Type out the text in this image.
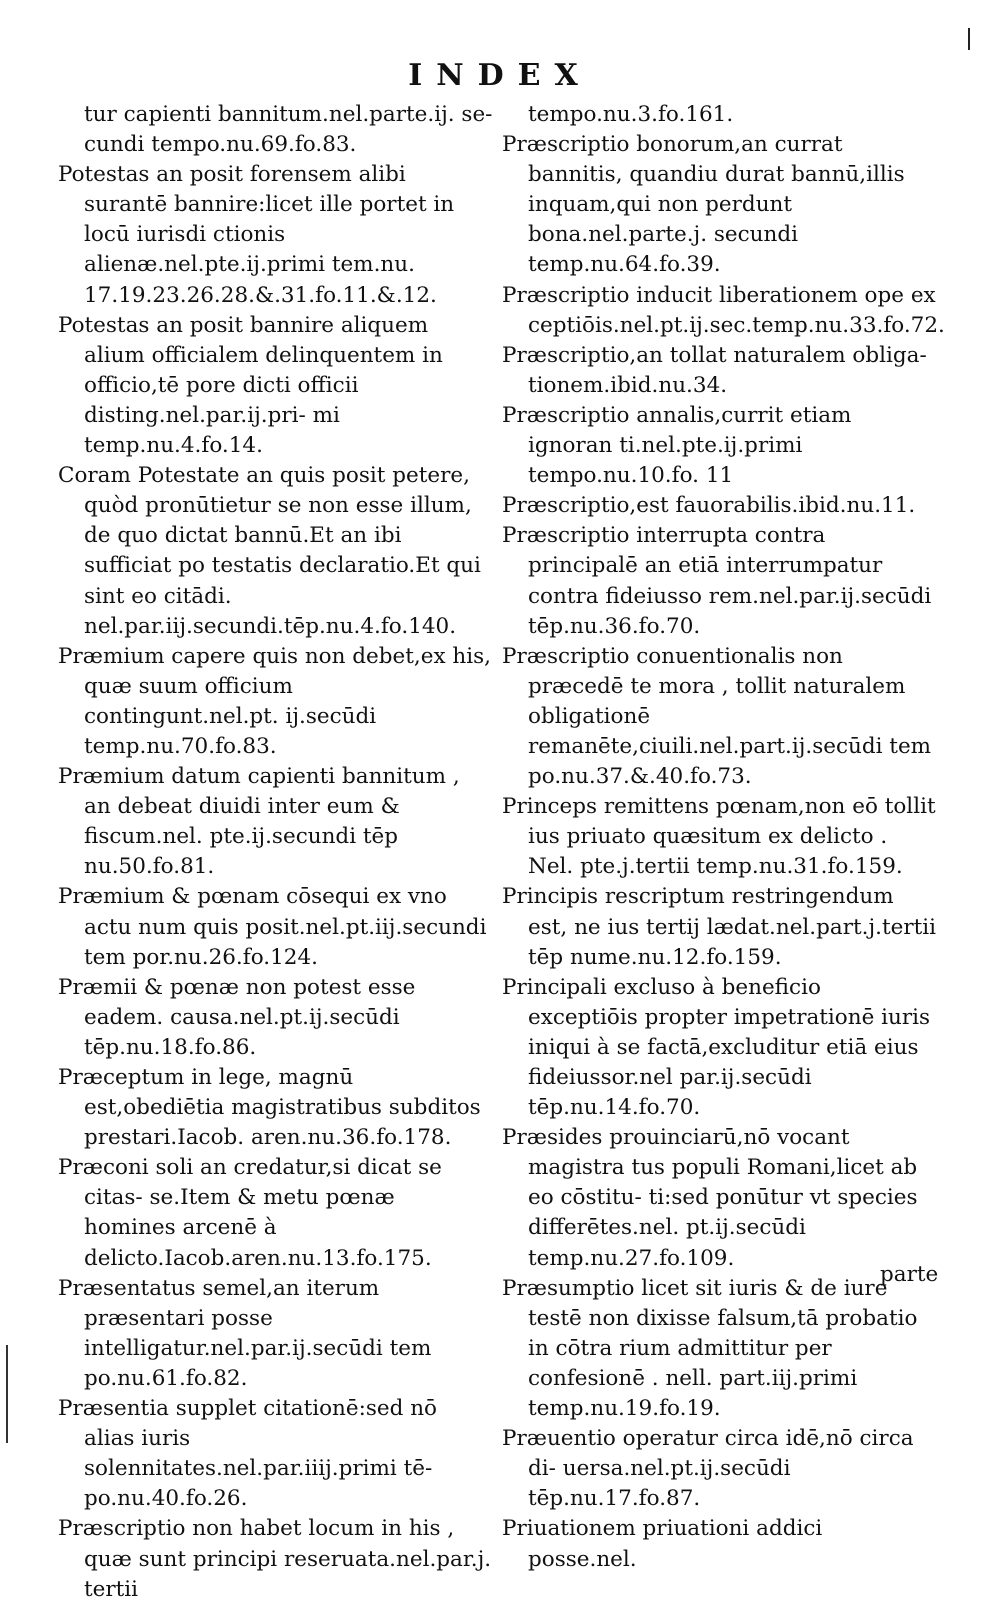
INDEX
tur capienti bannitum.nel.parte.ij. se- cundi tempo.nu.69.fo.83.
Potestas an posit forensem alibi surantē bannire:licet ille portet in locū iurisdi ctionis alienæ.nel.pte.ij.primi tem.nu. 17.19.23.26.28.&.31.fo.11.&.12.
Potestas an posit bannire aliquem alium officialem delinquentem in officio,tē pore dicti officii disting.nel.par.ij.pri- mi temp.nu.4.fo.14.
Coram Potestate an quis posit petere, quòd pronūtietur se non esse illum, de quo dictat bannū.Et an ibi sufficiat po testatis declaratio.Et qui sint eo citādi. nel.par.iij.secundi.tēp.nu.4.fo.140.
Præmium capere quis non debet,ex his, quæ suum officium contingunt.nel.pt. ij.secūdi temp.nu.70.fo.83.
Præmium datum capienti bannitum , an debeat diuidi inter eum & fiscum.nel. pte.ij.secundi tēp nu.50.fo.81.
Præmium & pœnam cōsequi ex vno actu num quis posit.nel.pt.iij.secundi tem por.nu.26.fo.124.
Præmii & pœnæ non potest esse eadem. causa.nel.pt.ij.secūdi tēp.nu.18.fo.86.
Præceptum in lege, magnū est,obediētia magistratibus subditos prestari.Iacob. aren.nu.36.fo.178.
Præconi soli an credatur,si dicat se citas- se.Item & metu pœnæ homines arcenē à delicto.Iacob.aren.nu.13.fo.175.
Præsentatus semel,an iterum præsentari posse intelligatur.nel.par.ij.secūdi tem po.nu.61.fo.82.
Præsentia supplet citationē:sed nō alias iuris solennitates.nel.par.iiij.primi tē- po.nu.40.fo.26.
Præscriptio non habet locum in his , quæ sunt principi reseruata.nel.par.j. tertii
tempo.nu.3.fo.161.
Præscriptio bonorum,an currat bannitis, quandiu durat bannū,illis inquam,qui non perdunt bona.nel.parte.j. secundi temp.nu.64.fo.39.
Præscriptio inducit liberationem ope ex ceptiōis.nel.pt.ij.sec.temp.nu.33.fo.72.
Præscriptio,an tollat naturalem obliga- tionem.ibid.nu.34.
Præscriptio annalis,currit etiam ignoran ti.nel.pte.ij.primi tempo.nu.10.fo. 11
Præscriptio,est fauorabilis.ibid.nu.11.
Præscriptio interrupta contra principalē an etiā interrumpatur contra fideiusso rem.nel.par.ij.secūdi tēp.nu.36.fo.70.
Præscriptio conuentionalis non præcedē te mora , tollit naturalem obligationē remanēte,ciuili.nel.part.ij.secūdi tem po.nu.37.&.40.fo.73.
Princeps remittens pœnam,non eō tollit ius priuato quæsitum ex delicto . Nel. pte.j.tertii temp.nu.31.fo.159.
Principis rescriptum restringendum est, ne ius tertij lædat.nel.part.j.tertii tēp nume.nu.12.fo.159.
Principali excluso à beneficio exceptiōis propter impetrationē iuris iniqui à se factā,excluditur etiā eius fideiussor.nel par.ij.secūdi tēp.nu.14.fo.70.
Præsides prouinciarū,nō vocant magistra tus populi Romani,licet ab eo cōstitu- ti:sed ponūtur vt species differētes.nel. pt.ij.secūdi temp.nu.27.fo.109.
Præsumptio licet sit iuris & de iure testē non dixisse falsum,tā probatio in cōtra rium admittitur per confesionē . nell. part.iij.primi temp.nu.19.fo.19.
Præuentio operatur circa idē,nō circa di- uersa.nel.pt.ij.secūdi tēp.nu.17.fo.87.
Priuationem priuationi addici posse.nel.
parte
